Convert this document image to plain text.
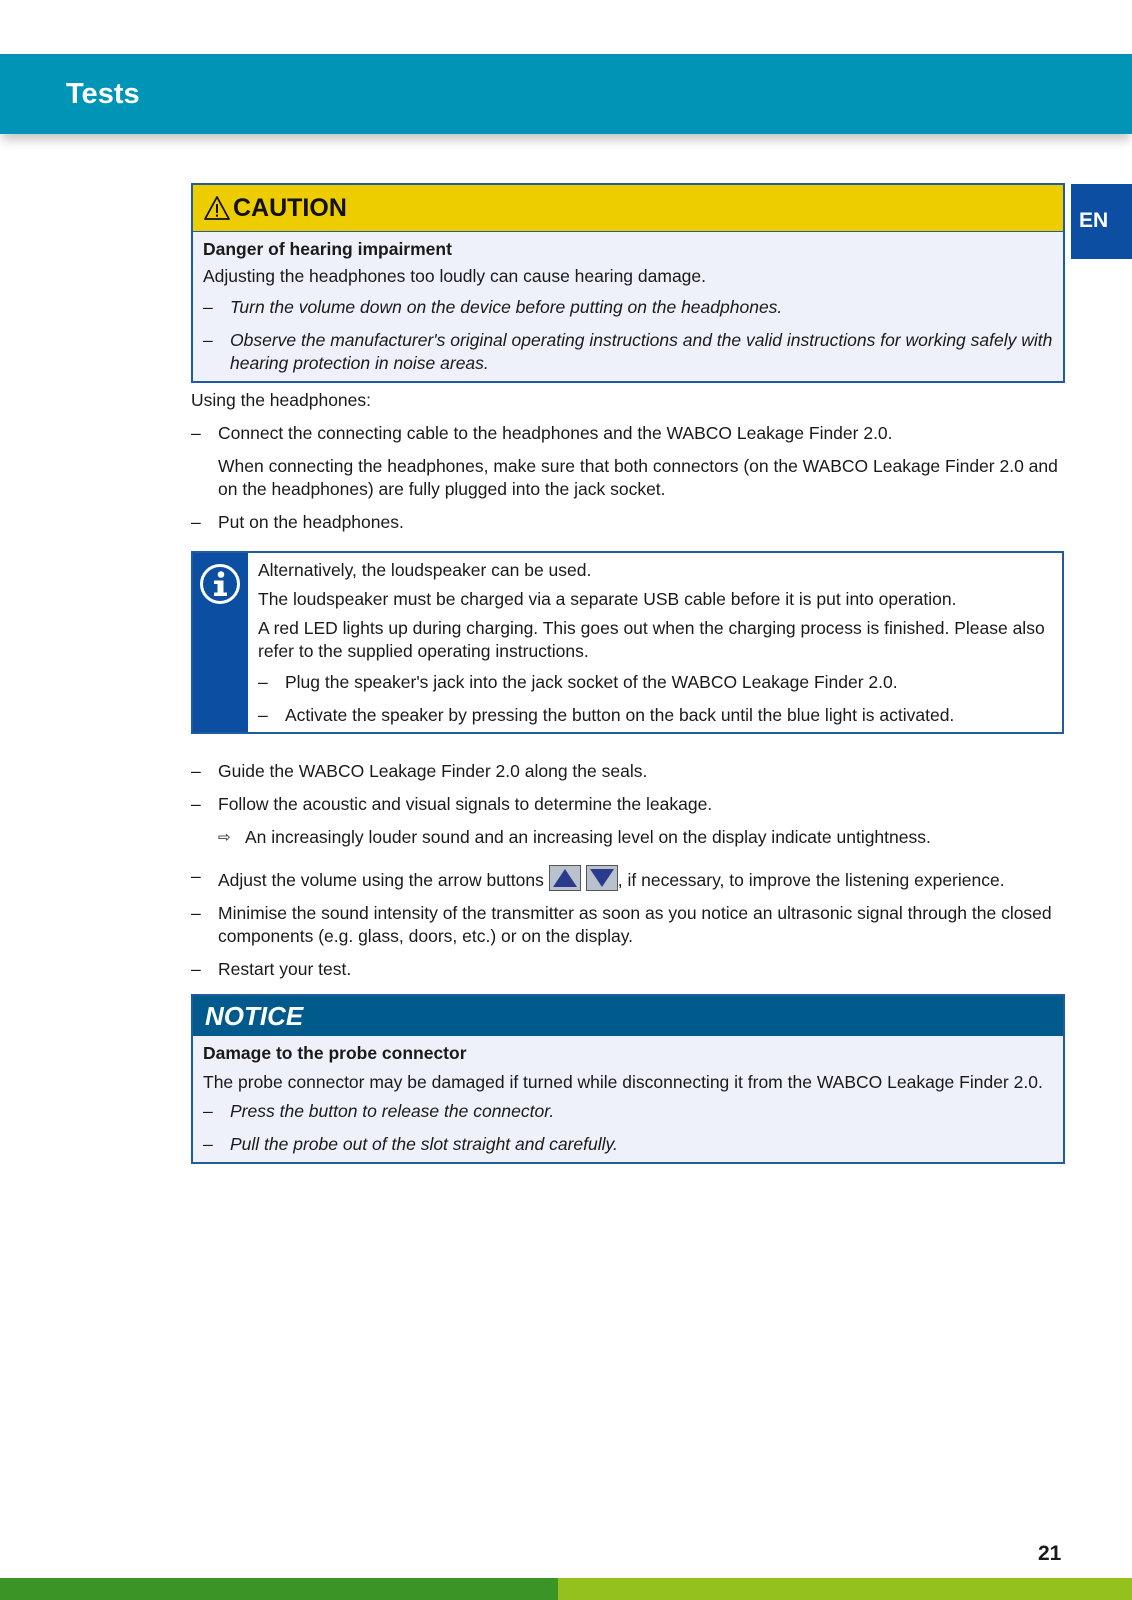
Tests
EN
CAUTION

Danger of hearing impairment

Adjusting the headphones too loudly can cause hearing damage.

– Turn the volume down on the device before putting on the headphones.
– Observe the manufacturer's original operating instructions and the valid instructions for working safely with hearing protection in noise areas.

Using the headphones:

– Connect the connecting cable to the headphones and the WABCO Leakage Finder 2.0.

When connecting the headphones, make sure that both connectors (on the WABCO Leakage Finder 2.0 and on the headphones) are fully plugged into the jack socket.

– Put on the headphones.

Alternatively, the loudspeaker can be used.

The loudspeaker must be charged via a separate USB cable before it is put into operation.

A red LED lights up during charging. This goes out when the charging process is finished. Please also refer to the supplied operating instructions.

– Plug the speaker's jack into the jack socket of the WABCO Leakage Finder 2.0.
– Activate the speaker by pressing the button on the back until the blue light is activated.
– Guide the WABCO Leakage Finder 2.0 along the seals.
– Follow the acoustic and visual signals to determine the leakage.
⇨ An increasingly louder sound and an increasing level on the display indicate untightness.
– Adjust the volume using the arrow buttons	, if necessary, to improve the listening experience.
– Minimise the sound intensity of the transmitter as soon as you notice an ultrasonic signal through the closed components (e.g. glass, doors, etc.) or on the display.
– Restart your test.
NOTICE

Damage to the probe connector

The probe connector may be damaged if turned while disconnecting it from the WABCO Leakage Finder 2.0.

– Press the button to release the connector.
– Pull the probe out of the slot straight and carefully.
21
